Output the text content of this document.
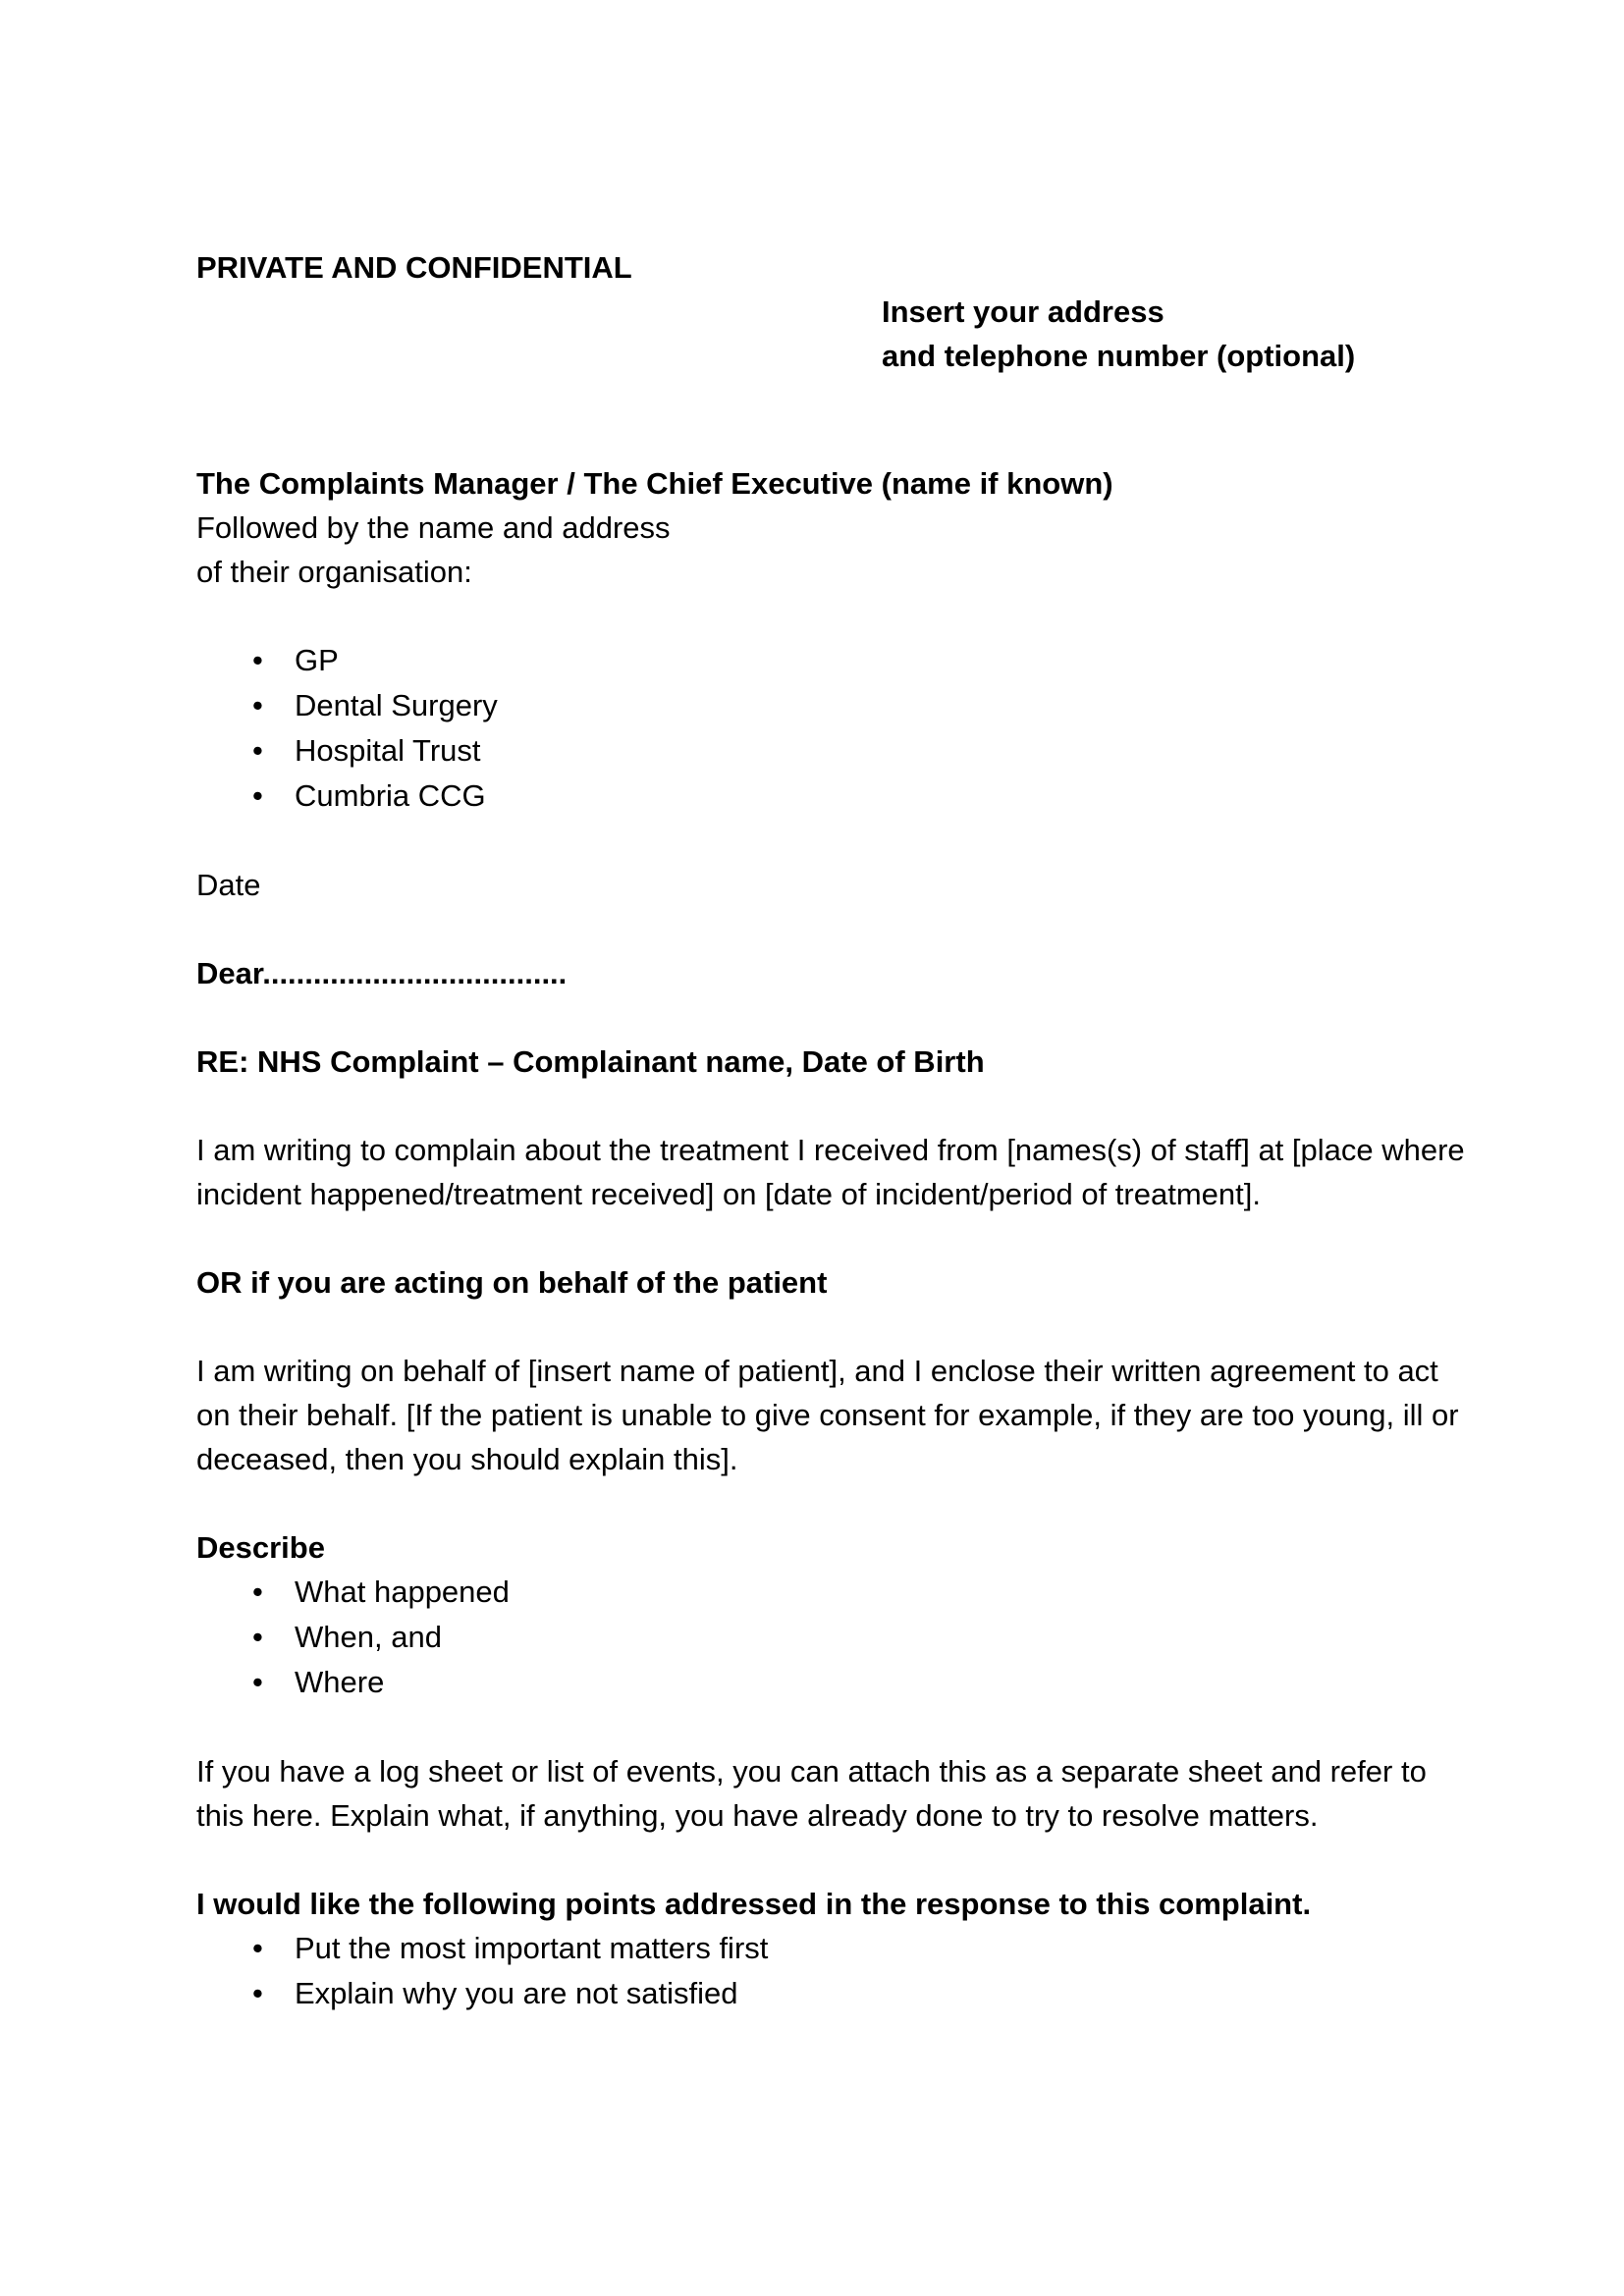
PRIVATE AND CONFIDENTIAL

Insert your address

and telephone number (optional)

The Complaints Manager / The Chief Executive (name if known)

Followed by the name and address

of their organisation:

• GP
• Dental Surgery
• Hospital Trust
• Cumbria CCG

Date

Dear....................................

RE: NHS Complaint – Complainant name, Date of Birth

I am writing to complain about the treatment I received from [names(s) of staff] at [place where incident happened/treatment received] on [date of incident/period of treatment].

OR if you are acting on behalf of the patient

I am writing on behalf of [insert name of patient], and I enclose their written agreement to act on their behalf. [If the patient is unable to give consent for example, if they are too young, ill or deceased, then you should explain this].

Describe

• What happened
• When, and
• Where

If you have a log sheet or list of events, you can attach this as a separate sheet and refer to this here. Explain what, if anything, you have already done to try to resolve matters.

I would like the following points addressed in the response to this complaint.

• Put the most important matters first
• Explain why you are not satisfied
